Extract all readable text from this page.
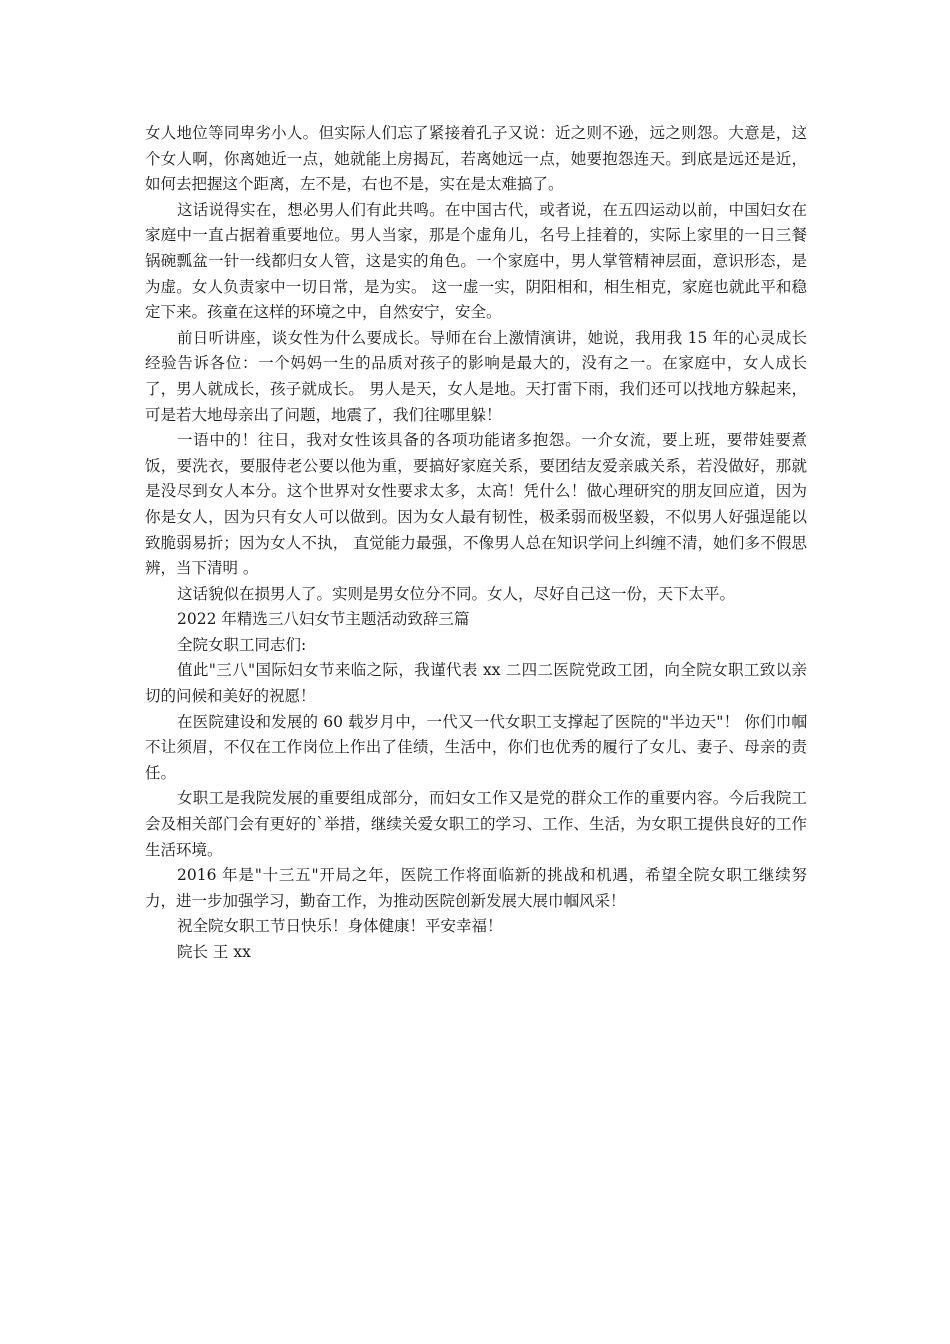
女人地位等同卑劣小人。但实际人们忘了紧接着孔子又说：近之则不逊，远之则怨。大意是，这个女人啊，你离她近一点，她就能上房揭瓦，若离她远一点，她要抱怨连天。到底是远还是近，如何去把握这个距离，左不是，右也不是，实在是太难搞了。

这话说得实在，想必男人们有此共鸣。在中国古代，或者说，在五四运动以前，中国妇女在家庭中一直占据着重要地位。男人当家，那是个虚角儿，名号上挂着的，实际上家里的一日三餐锅碗瓢盆一针一线都归女人管，这是实的角色。一个家庭中，男人掌管精神层面，意识形态，是为虚。女人负责家中一切日常，是为实。 这一虚一实，阴阳相和，相生相克，家庭也就此平和稳定下来。孩童在这样的环境之中，自然安宁，安全。

前日听讲座，谈女性为什么要成长。导师在台上激情演讲，她说，我用我 15 年的心灵成长经验告诉各位：一个妈妈一生的品质对孩子的影响是最大的，没有之一。在家庭中，女人成长了，男人就成长，孩子就成长。 男人是天，女人是地。天打雷下雨，我们还可以找地方躲起来，可是若大地母亲出了问题，地震了，我们往哪里躲！

一语中的！往日，我对女性该具备的各项功能诸多抱怨。一介女流，要上班，要带娃要煮饭，要洗衣，要服侍老公要以他为重，要搞好家庭关系，要团结友爱亲戚关系，若没做好，那就是没尽到女人本分。这个世界对女性要求太多，太高！凭什么！做心理研究的朋友回应道，因为你是女人，因为只有女人可以做到。因为女人最有韧性，极柔弱而极坚毅，不似男人好强逞能以致脆弱易折；因为女人不执， 直觉能力最强，不像男人总在知识学问上纠缠不清，她们多不假思辨，当下清明 。

这话貌似在损男人了。实则是男女位分不同。女人，尽好自己这一份，天下太平。

2022 年精选三八妇女节主题活动致辞三篇

全院女职工同志们:

值此"三八"国际妇女节来临之际，我谨代表 xx 二四二医院党政工团，向全院女职工致以亲切的问候和美好的祝愿！

在医院建设和发展的 60 载岁月中，一代又一代女职工支撑起了医院的"半边天"！ 你们巾帼不让须眉，不仅在工作岗位上作出了佳绩，生活中，你们也优秀的履行了女儿、妻子、母亲的责任。

女职工是我院发展的重要组成部分，而妇女工作又是党的群众工作的重要内容。今后我院工会及相关部门会有更好的`举措，继续关爱女职工的学习、工作、生活，为女职工提供良好的工作生活环境。

2016 年是"十三五"开局之年，医院工作将面临新的挑战和机遇，希望全院女职工继续努力，进一步加强学习，勤奋工作，为推动医院创新发展大展巾帼风采！

祝全院女职工节日快乐！身体健康！平安幸福！

院长 王 xx
